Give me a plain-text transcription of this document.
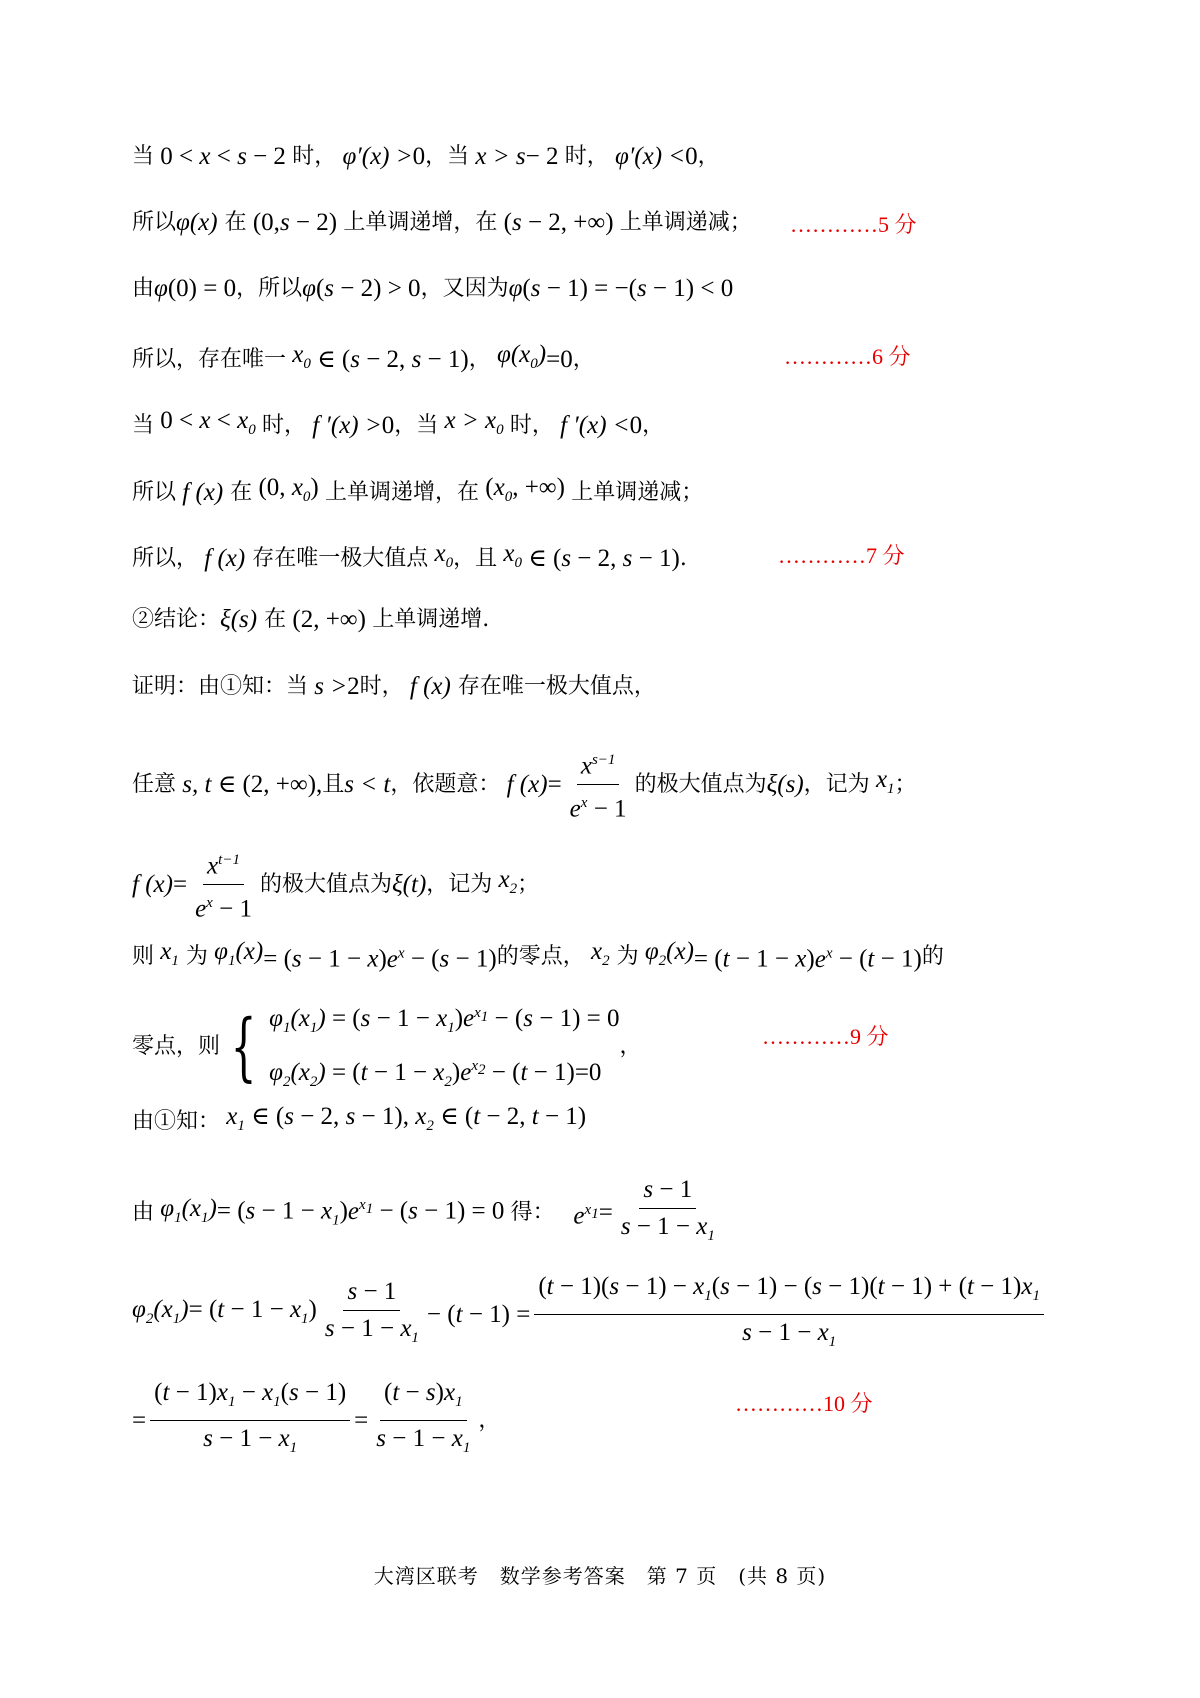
当 0 < x < s − 2 时， φ′(x) > 0 ， 当 x > s − 2 时， φ′(x) < 0 ，
所以 φ(x)
在 (0,s − 2) 上单调递增，在 (s − 2, +∞) 上单调递减； …………5 分
由 φ (0) = 0 ，所以 φ (s − 2) > 0 ，又因为 φ (s − 1) = −(s − 1) < 0
所以，存在唯一 $x_0$ ∈ (s − 2, s − 1) ， $\varphi(x_0) =0$ ，	…………6 分
当 $0 < x < x_0$ 时， f ′(x) > 0 ， 当 $x > x_0$ 时， f ′(x) < 0 ，
所以 f (x)
在 (0, $x_0$) 上单调递增，在 ($x_0$, +∞) 上单调递减；
所以， f (x)
存在唯一极大值点 $x_0$ ，且 $x_0$ ∈ (s − 2, s − 1) .	…………7 分
②结论： ξ(s)
在 (2, +∞) 上单调递增.
证明：由①知：当 s > 2 时， f (x)
存在唯一极大值点，
任意 s, t ∈ (2, +∞), 且 s < t ，依题意： f $(x) = \frac{x^{s-1}}{e^x - 1}$ 的极大值点为 ξ(s) ，记为 $x_1$ ；
f $(x) = \frac{x^{t-1}}{e^x - 1}$ 的极大值点为 ξ(t) ，记为 $x_2$ ；
则 $x_1$
为 $\varphi_1(x) = (s - 1 - x)e^x - (s - 1)$ 的零点， $x_2$
为 $\varphi_2(x) = (t - 1 - x)e^x - (t - 1)$ 的
零点，则 { $\varphi_1(x_1) = (s - 1 - x_1)e^{x_1} - (s - 1) = 0$
$\varphi_2(x_2) = (t - 1 - x_2)e^{x_2} - (t - 1)=0$
，	…………9 分
由①知： $x_1$ ∈ (s − 2, s − 1), $x_2$ ∈ (t − 2, t − 1)
由 $\varphi_1(x_1) = (s - 1 - x_1)e^{x_1} - (s - 1) = 0$ 得： $e^{x_1} = \frac{s - 1}{s - 1 - x_1}$
$\varphi_2(x_1) = (t - 1 - x_1) \frac{s - 1}{s - 1 - x_1} - (t - 1) = \frac{(t - 1)(s - 1) - x_1(s - 1) - (s - 1)(t - 1) + (t - 1)x_1}{s - 1 - x_1}$
= $\frac{(t - 1)x_1 - x_1(s - 1)}{s - 1 - x_1} = \frac{(t - s)x_1}{s - 1 - x_1}$ ，
…………10 分
大湾区联考　数学参考答案　第 7 页　(共 8 页)
